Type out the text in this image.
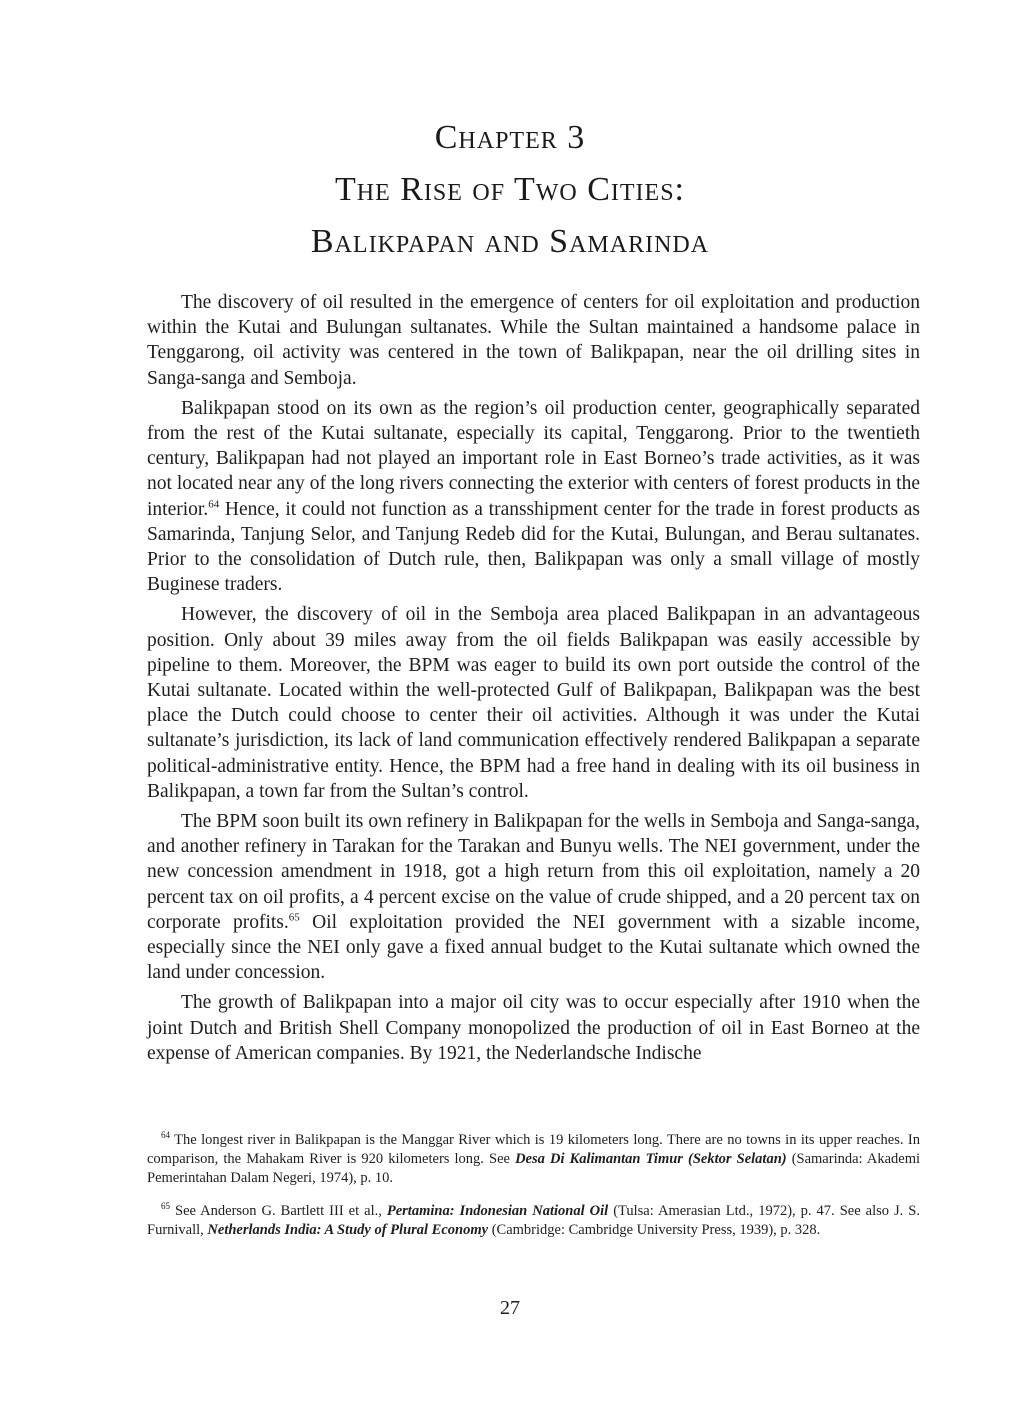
Chapter 3
The Rise of Two Cities:
Balikpapan and Samarinda

The discovery of oil resulted in the emergence of centers for oil exploitation and production within the Kutai and Bulungan sultanates. While the Sultan maintained a handsome palace in Tenggarong, oil activity was centered in the town of Balikpapan, near the oil drilling sites in Sanga-sanga and Semboja.

Balikpapan stood on its own as the region’s oil production center, geographically separated from the rest of the Kutai sultanate, especially its capital, Tenggarong. Prior to the twentieth century, Balikpapan had not played an important role in East Borneo’s trade activities, as it was not located near any of the long rivers connecting the exterior with centers of forest products in the interior.$^{64}$ Hence, it could not function as a transshipment center for the trade in forest products as Samarinda, Tanjung Selor, and Tanjung Redeb did for the Kutai, Bulungan, and Berau sultanates. Prior to the consolidation of Dutch rule, then, Balikpapan was only a small village of mostly Buginese traders.

However, the discovery of oil in the Semboja area placed Balikpapan in an advantageous position. Only about 39 miles away from the oil fields Balikpapan was easily accessible by pipeline to them. Moreover, the BPM was eager to build its own port outside the control of the Kutai sultanate. Located within the well-protected Gulf of Balikpapan, Balikpapan was the best place the Dutch could choose to center their oil activities. Although it was under the Kutai sultanate’s jurisdiction, its lack of land communication effectively rendered Balikpapan a separate political-administrative entity. Hence, the BPM had a free hand in dealing with its oil business in Balikpapan, a town far from the Sultan’s control.

The BPM soon built its own refinery in Balikpapan for the wells in Semboja and Sanga-sanga, and another refinery in Tarakan for the Tarakan and Bunyu wells. The NEI government, under the new concession amendment in 1918, got a high return from this oil exploitation, namely a 20 percent tax on oil profits, a 4 percent excise on the value of crude shipped, and a 20 percent tax on corporate profits.$^{65}$ Oil exploitation provided the NEI government with a sizable income, especially since the NEI only gave a fixed annual budget to the Kutai sultanate which owned the land under concession.

The growth of Balikpapan into a major oil city was to occur especially after 1910 when the joint Dutch and British Shell Company monopolized the production of oil in East Borneo at the expense of American companies. By 1921, the Nederlandsche Indische

$^{64}$ The longest river in Balikpapan is the Manggar River which is 19 kilometers long. There are no towns in its upper reaches. In comparison, the Mahakam River is 920 kilometers long. See Desa Di Kalimantan Timur (Sektor Selatan) (Samarinda: Akademi Pemerintahan Dalam Negeri, 1974), p. 10.

$^{65}$ See Anderson G. Bartlett III et al., Pertamina: Indonesian National Oil (Tulsa: Amerasian Ltd., 1972), p. 47. See also J. S. Furnivall, Netherlands India: A Study of Plural Economy (Cambridge: Cambridge University Press, 1939), p. 328.

27
